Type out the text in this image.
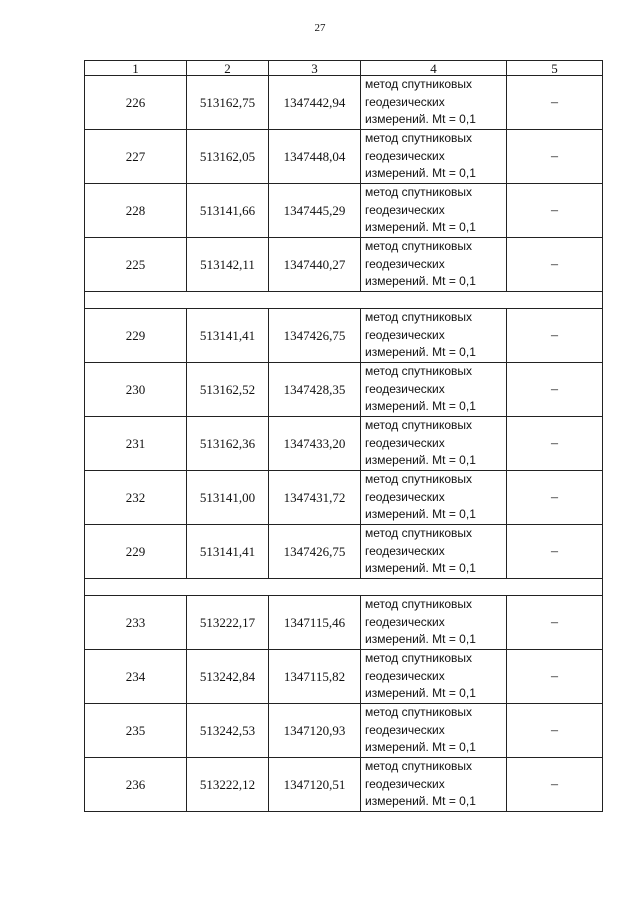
27
1	2	3	4	5
226	513162,75	1347442,94	метод спутниковых
геодезических
измерений. Mt = 0,1	–
227	513162,05	1347448,04	метод спутниковых
геодезических
измерений. Mt = 0,1	–
228	513141,66	1347445,29	метод спутниковых
геодезических
измерений. Mt = 0,1	–
225	513142,11	1347440,27	метод спутниковых
геодезических
измерений. Mt = 0,1	–

229	513141,41	1347426,75	метод спутниковых
геодезических
измерений. Mt = 0,1	–
230	513162,52	1347428,35	метод спутниковых
геодезических
измерений. Mt = 0,1	–
231	513162,36	1347433,20	метод спутниковых
геодезических
измерений. Mt = 0,1	–
232	513141,00	1347431,72	метод спутниковых
геодезических
измерений. Mt = 0,1	–
229	513141,41	1347426,75	метод спутниковых
геодезических
измерений. Mt = 0,1	–

233	513222,17	1347115,46	метод спутниковых
геодезических
измерений. Mt = 0,1	–
234	513242,84	1347115,82	метод спутниковых
геодезических
измерений. Mt = 0,1	–
235	513242,53	1347120,93	метод спутниковых
геодезических
измерений. Mt = 0,1	–
236	513222,12	1347120,51	метод спутниковых
геодезических
измерений. Mt = 0,1	–
